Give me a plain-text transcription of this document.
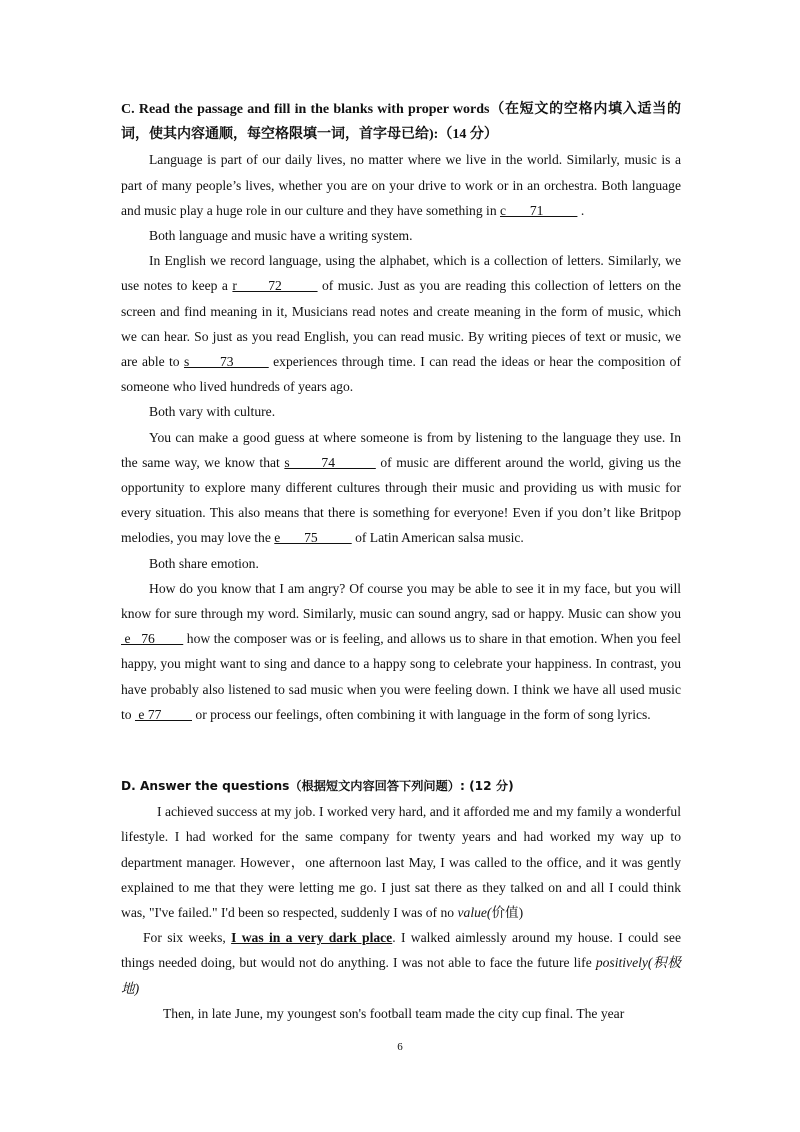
C. Read the passage and fill in the blanks with proper words（在短文的空格内填入适当的词，使其内容通顺，每空格限填一词，首字母已给):（14 分）

Language is part of our daily lives, no matter where we live in the world. Similarly, music is a part of many people’s lives, whether you are on your drive to work or in an orchestra. Both language and music play a huge role in our culture and they have something in c       71           .

Both language and music have a writing system.

In English we record language, using the alphabet, which is a collection of letters. Similarly, we use notes to keep a r       72         of music. Just as you are reading this collection of letters on the screen and find meaning in it, Musicians read notes and create meaning in the form of music, which we can hear. So just as you read English, you can read music. By writing pieces of text or music, we are able to s       73         experiences through time. I can read the ideas or hear the composition of someone who lived hundreds of years ago.

Both vary with culture.

You can make a good guess at where someone is from by listening to the language they use. In the same way, we know that s       74          of music are different around the world, giving us the opportunity to explore many different cultures through their music and providing us with music for every situation. This also means that there is something for everyone! Even if you don’t like Britpop melodies, you may love the e       75           of Latin American salsa music.

Both share emotion.

How do you know that I am angry? Of course you may be able to see it in my face, but you will know for sure through my word. Similarly, music can sound angry, sad or happy. Music can show you  e   76         how the composer was or is feeling, and allows us to share in that emotion. When you feel happy, you might want to sing and dance to a happy song to celebrate your happiness. In contrast, you have probably also listened to sad music when you were feeling down. I think we have all used music to  e 77          or process our feelings, often combining it with language in the form of song lyrics.

D. Answer the questions（根据短文内容回答下列问题）: (12 分)

I achieved success at my job. I worked very hard, and it afforded me and my family a wonderful lifestyle. I had worked for the same company for twenty years and had worked my way up to department manager. However，one afternoon last May, I was called to the office, and it was gently explained to me that they were letting me go. I just sat there as they talked on and all I could think was, "I've failed." I'd been so respected, suddenly I was of no value(价值)

For six weeks, I was in a very dark place. I walked aimlessly around my house. I could see things needed doing, but would not do anything. I was not able to face the future life positively(积极地)

Then, in late June, my youngest son's football team made the city cup final. The year

6
